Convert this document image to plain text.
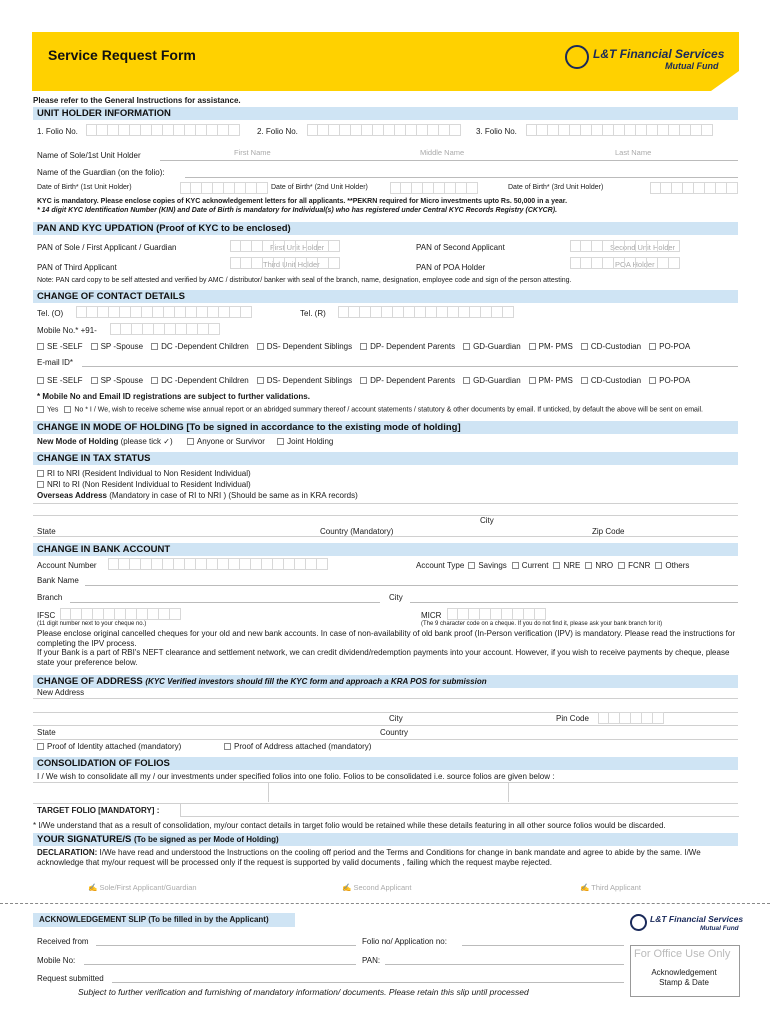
Service Request Form	L&T Financial Services
Mutual Fund
Please refer to the General Instructions for assistance.
UNIT HOLDER INFORMATION
1. Folio No.	2. Folio No.	3. Folio No.
Name of Sole/1st Unit Holder	First Name	Middle Name	Last Name
Name of the Guardian (on the folio):
Date of Birth* (1st Unit Holder)	Date of Birth* (2nd Unit Holder)	Date of Birth* (3rd Unit Holder)
KYC is mandatory. Please enclose copies of KYC acknowledgement letters for all applicants. **PEKRN required for Micro investments upto Rs. 50,000 in a year.
* 14 digit KYC Identification Number (KIN) and Date of Birth is mandatory for Individual(s) who has registered under Central KYC Records Registry (CKYCR).
PAN AND KYC UPDATION (Proof of KYC to be enclosed)
PAN of Sole / First Applicant / Guardian	First Unit Holder	PAN of Second Applicant	Second Unit Holder
PAN of Third Applicant	Third Unit Holder	PAN of POA Holder	POA Holder
Note: PAN card copy to be self attested and verified by AMC / distributor/ banker with seal of the branch, name, designation, employee code and sign of the person attesting.
CHANGE OF CONTACT DETAILS
Tel. (O)	Tel. (R)
Mobile No.* +91-
SE -SELF SP -Spouse DC -Dependent Children DS- Dependent Siblings DP- Dependent Parents GD-Guardian PM- PMS CD-Custodian PO-POA
E-mail ID*
SE -SELF SP -Spouse DC -Dependent Children DS- Dependent Siblings DP- Dependent Parents GD-Guardian PM- PMS CD-Custodian PO-POA
* Mobile No and Email ID registrations are subject to further validations.
Yes No * I / We, wish to receive scheme wise annual report or an abridged summary thereof / account statements / statutory & other documents by email. If unticked, by default the above will be sent on email.
CHANGE IN MODE OF HOLDING [To be signed in accordance to the existing mode of holding]
New Mode of Holding (please tick ✓)	Anyone or Survivor	Joint Holding
CHANGE IN TAX STATUS
RI to NRI (Resident Individual to Non Resident Individual)
NRI to RI (Non Resident Individual to Resident Individual)
Overseas Address (Mandatory in case of RI to NRI ) (Should be same as in KRA records)
City
State	Country (Mandatory)	Zip Code
CHANGE IN BANK ACCOUNT
Account Number	Account Type Savings Current NRE NRO FCNR Others
Bank Name
Branch	City
IFSC	MICR
(11 digit number next to your cheque no.)	(The 9 character code on a cheque. If you do not find it, please ask your bank branch for it)
Please enclose original cancelled cheques for your old and new bank accounts. In case of non-availability of old bank proof (In-Person verification (IPV) is mandatory. Please read the instructions for completing the IPV process.
If your Bank is a part of RBI's NEFT clearance and settlement network, we can credit dividend/redemption payments into your account. However, if you wish to receive payments by cheque, please state your preference below.
CHANGE OF ADDRESS (KYC Verified investors should fill the KYC form and approach a KRA POS for submission
New Address
City	Pin Code
State	Country
Proof of Identity attached (mandatory)	Proof of Address attached (mandatory)
CONSOLIDATION OF FOLIOS
I / We wish to consolidate all my / our investments under specified folios into one folio. Folios to be consolidated i.e. source folios are given below :
TARGET FOLIO [MANDATORY] :
* I/We understand that as a result of consolidation, my/our contact details in target folio would be retained while these details featuring in all other source folios would be discarded.
YOUR SIGNATURE/S (To be signed as per Mode of Holding)
DECLARATION: I/We have read and understood the Instructions on the cooling off period and the Terms and Conditions for change in bank mandate and agree to abide by the same. I/We acknowledge that my/our request will be processed only if the request is supported by valid documents , failing which the request maybe rejected.
✍ Sole/First Applicant/Guardian	✍ Second Applicant	✍ Third Applicant
ACKNOWLEDGEMENT SLIP (To be filled in by the Applicant)	L&T Financial Services
Mutual Fund
Received from	Folio no/ Application no:
For Office Use Only
Acknowledgement
Stamp & Date
Mobile No:	PAN:
Request submitted
Subject to further verification and furnishing of mandatory information/ documents. Please retain this slip until processed
